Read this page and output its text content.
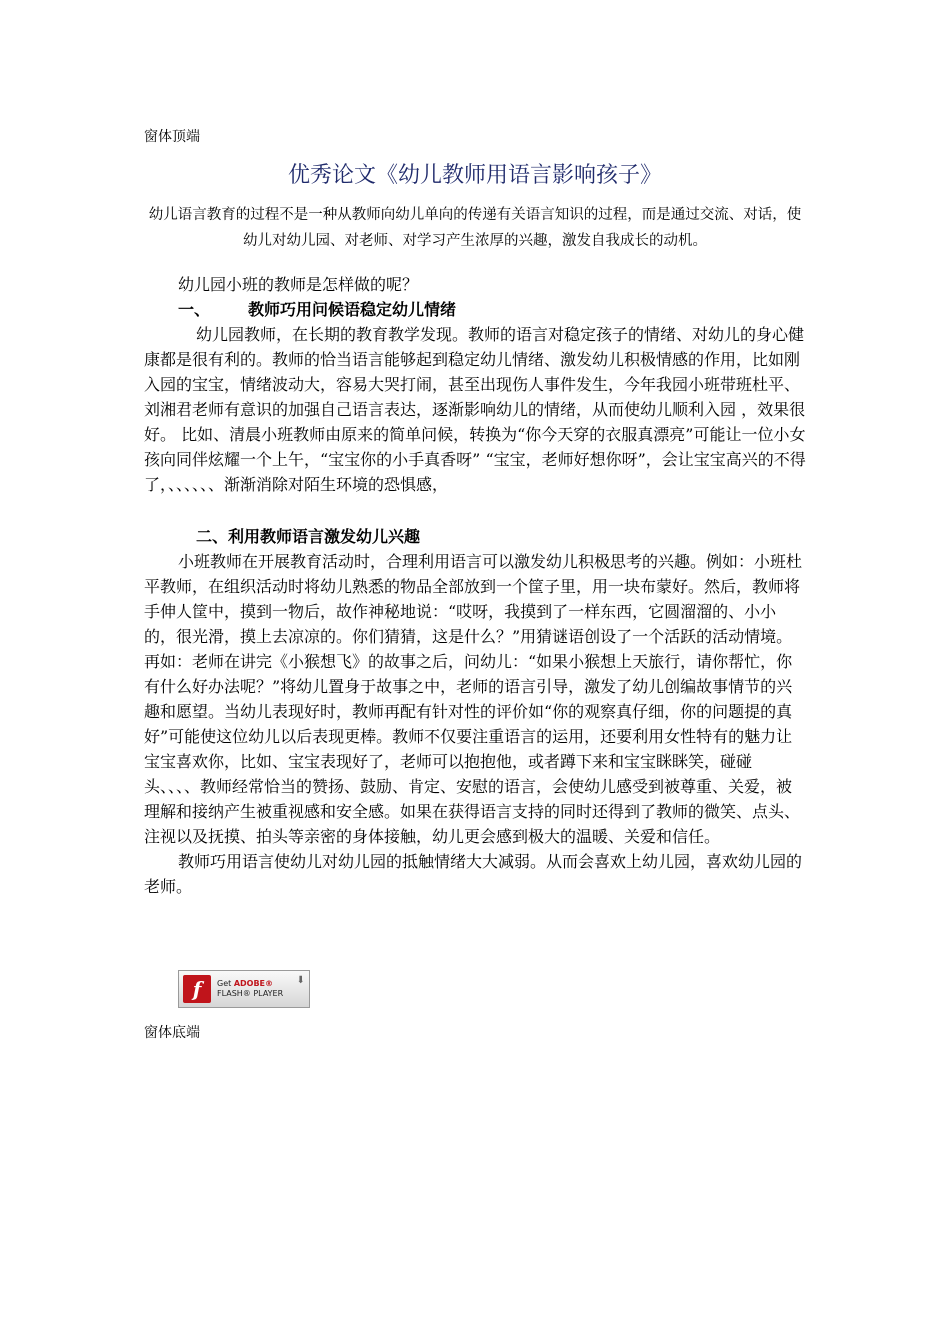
窗体顶端
优秀论文《幼儿教师用语言影响孩子》
幼儿语言教育的过程不是一种从教师向幼儿单向的传递有关语言知识的过程，而是通过交流、对话，使幼儿对幼儿园、对老师、对学习产生浓厚的兴趣，激发自我成长的动机。

幼儿园小班的教师是怎样做的呢？

一、 教师巧用问候语稳定幼儿情绪

幼儿园教师，在长期的教育教学发现。教师的语言对稳定孩子的情绪、对幼儿的身心健康都是很有利的。教师的恰当语言能够起到稳定幼儿情绪、激发幼儿积极情感的作用，比如刚入园的宝宝，情绪波动大，容易大哭打闹，甚至出现伤人事件发生，今年我园小班带班杜平、刘湘君老师有意识的加强自己语言表达，逐渐影响幼儿的情绪，从而使幼儿顺利入园 ，效果很好。 比如、清晨小班教师由原来的简单问候，转换为“你今天穿的衣服真漂亮”可能让一位小女孩向同伴炫耀一个上午，“宝宝你的小手真香呀” “宝宝，老师好想你呀”，会让宝宝高兴的不得了，、、、、、、渐渐消除对陌生环境的恐惧感，

二、利用教师语言激发幼儿兴趣

小班教师在开展教育活动时，合理利用语言可以激发幼儿积极思考的兴趣。例如：小班杜平教师，在组织活动时将幼儿熟悉的物品全部放到一个筐子里，用一块布蒙好。然后，教师将手伸人筐中，摸到一物后，故作神秘地说：“哎呀，我摸到了一样东西，它圆溜溜的、小小的，很光滑，摸上去凉凉的。你们猜猜，这是什么？”用猜谜语创设了一个活跃的活动情境。再如：老师在讲完《小猴想飞》的故事之后，问幼儿：“如果小猴想上天旅行，请你帮忙，你有什么好办法呢？”将幼儿置身于故事之中，老师的语言引导，激发了幼儿创编故事情节的兴趣和愿望。当幼儿表现好时，教师再配有针对性的评价如“你的观察真仔细，你的问题提的真好”可能使这位幼儿以后表现更棒。教师不仅要注重语言的运用，还要利用女性特有的魅力让宝宝喜欢你，比如、宝宝表现好了，老师可以抱抱他，或者蹲下来和宝宝眯眯笑，碰碰头、、、、教师经常恰当的赞扬、鼓励、肯定、安慰的语言，会使幼儿感受到被尊重、关爱，被理解和接纳产生被重视感和安全感。如果在获得语言支持的同时还得到了教师的微笑、点头、注视以及抚摸、拍头等亲密的身体接触，幼儿更会感到极大的温暖、关爱和信任。

教师巧用语言使幼儿对幼儿园的抵触情绪大大减弱。从而会喜欢上幼儿园，喜欢幼儿园的老师。

f	Get ADOBE®
FLASH® PLAYER
⬇
窗体底端
